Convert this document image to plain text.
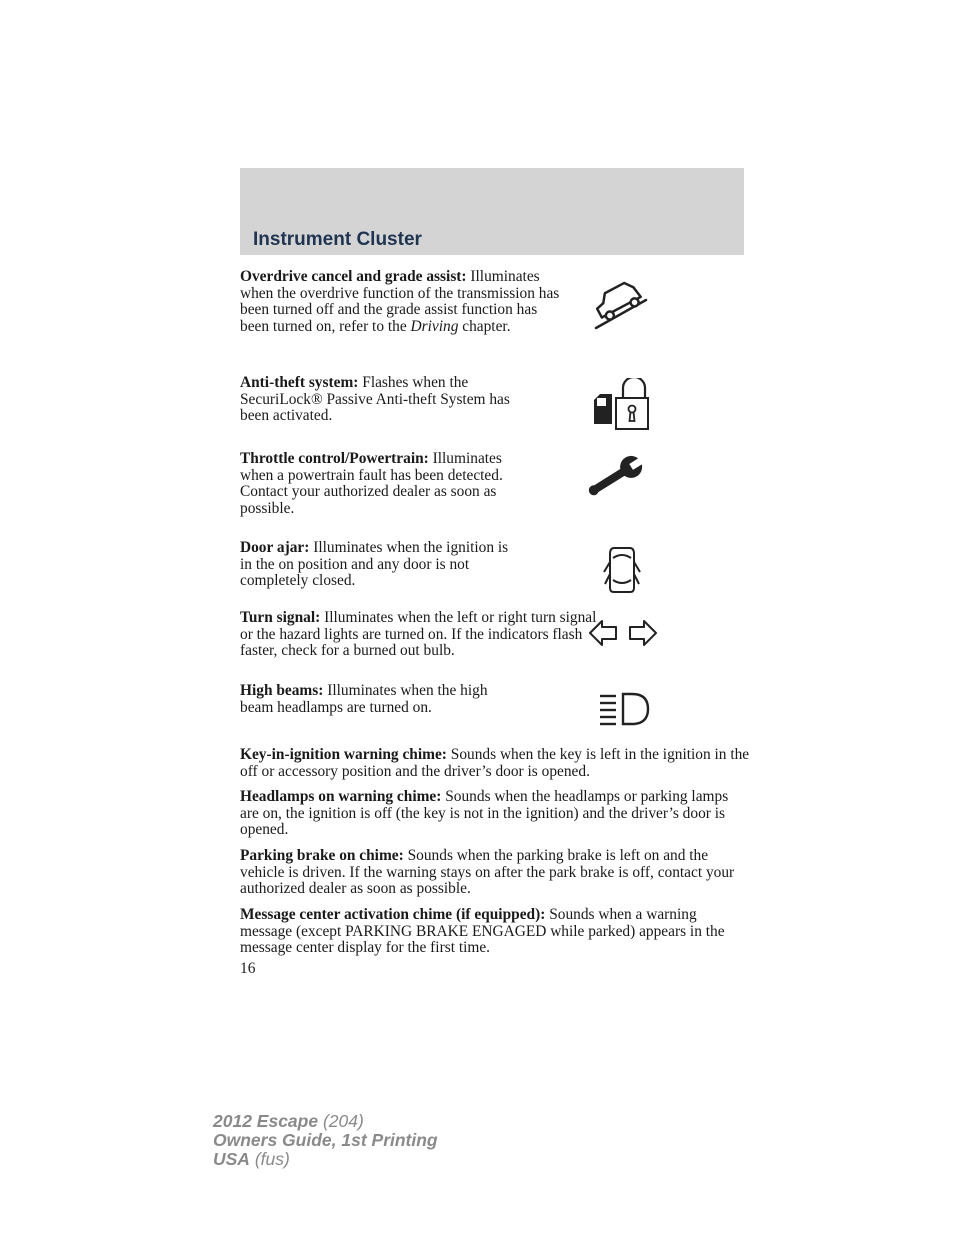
Instrument Cluster

Overdrive cancel and grade assist: Illuminates when the overdrive function of the transmission has been turned off and the grade assist function has been turned on, refer to the Driving chapter.

Anti-theft system: Flashes when the SecuriLock® Passive Anti-theft System has been activated.

Throttle control/Powertrain: Illuminates when a powertrain fault has been detected. Contact your authorized dealer as soon as possible.

Door ajar: Illuminates when the ignition is in the on position and any door is not completely closed.

Turn signal: Illuminates when the left or right turn signal or the hazard lights are turned on. If the indicators flash faster, check for a burned out bulb.

High beams: Illuminates when the high beam headlamps are turned on.

Key-in-ignition warning chime: Sounds when the key is left in the ignition in the off or accessory position and the driver’s door is opened.

Headlamps on warning chime: Sounds when the headlamps or parking lamps are on, the ignition is off (the key is not in the ignition) and the driver’s door is opened.

Parking brake on chime: Sounds when the parking brake is left on and the vehicle is driven. If the warning stays on after the park brake is off, contact your authorized dealer as soon as possible.

Message center activation chime (if equipped): Sounds when a warning message (except PARKING BRAKE ENGAGED while parked) appears in the message center display for the first time.

16
2012 Escape (204)
Owners Guide, 1st Printing
USA (fus)
